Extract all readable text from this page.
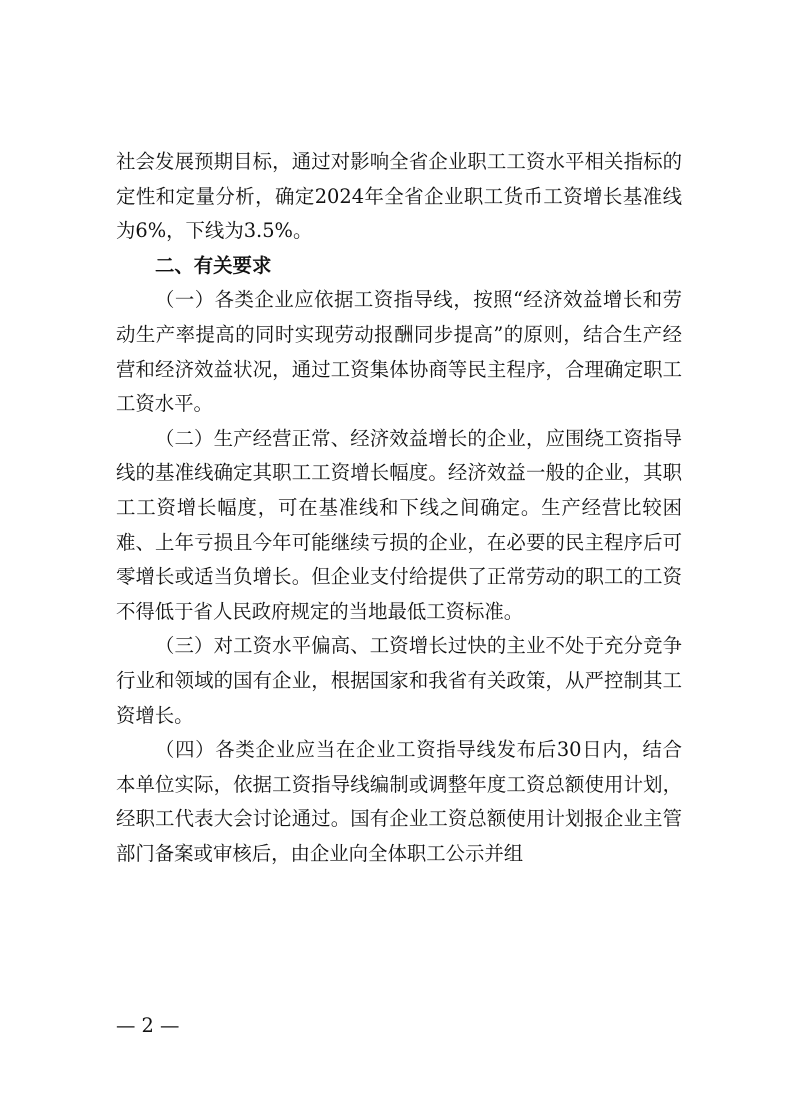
社会发展预期目标，通过对影响全省企业职工工资水平相关指标的定性和定量分析，确定2024年全省企业职工货币工资增长基准线为6%，下线为3.5%。

二、有关要求

（一）各类企业应依据工资指导线，按照“经济效益增长和劳动生产率提高的同时实现劳动报酬同步提高”的原则，结合生产经营和经济效益状况，通过工资集体协商等民主程序，合理确定职工工资水平。

（二）生产经营正常、经济效益增长的企业，应围绕工资指导线的基准线确定其职工工资增长幅度。经济效益一般的企业，其职工工资增长幅度，可在基准线和下线之间确定。生产经营比较困难、上年亏损且今年可能继续亏损的企业，在必要的民主程序后可零增长或适当负增长。但企业支付给提供了正常劳动的职工的工资不得低于省人民政府规定的当地最低工资标准。

（三）对工资水平偏高、工资增长过快的主业不处于充分竞争行业和领域的国有企业，根据国家和我省有关政策，从严控制其工资增长。

（四）各类企业应当在企业工资指导线发布后30日内，结合本单位实际，依据工资指导线编制或调整年度工资总额使用计划，经职工代表大会讨论通过。国有企业工资总额使用计划报企业主管部门备案或审核后，由企业向全体职工公示并组

— 2 —
